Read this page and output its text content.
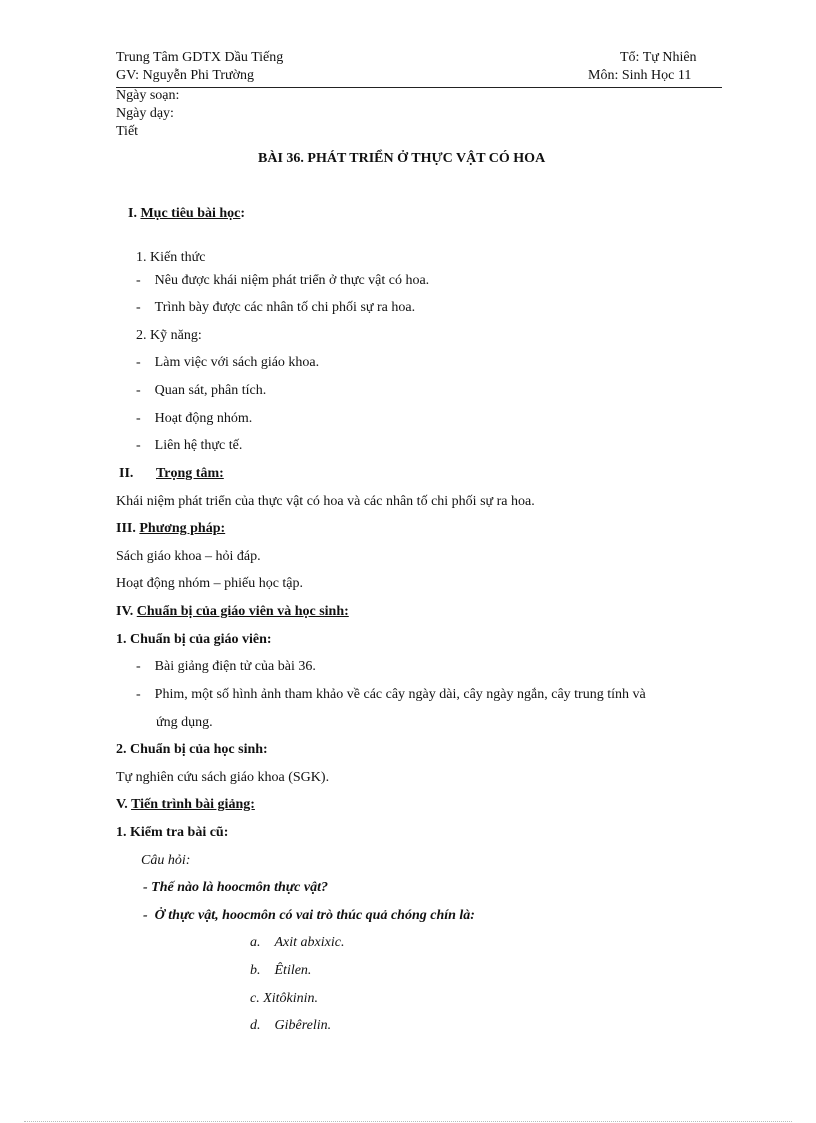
Trung Tâm GDTX Dầu Tiếng	Tổ: Tự Nhiên
GV: Nguyễn Phi Trường	Môn: Sinh Học 11
Ngày soạn:
Ngày dạy:
Tiết
BÀI 36. PHÁT TRIỂN Ở THỰC VẬT CÓ HOA
I. Mục tiêu bài học:
1. Kiến thức
-    Nêu được khái niệm phát triển ở thực vật có hoa.
-    Trình bày được các nhân tố chi phối sự ra hoa.
2. Kỹ năng:
-    Làm việc với sách giáo khoa.
-    Quan sát, phân tích.
-    Hoạt động nhóm.
-    Liên hệ thực tế.
II. Trọng tâm:
Khái niệm phát triển của thực vật có hoa và các nhân tố chi phối sự ra hoa.
III. Phương pháp:
Sách giáo khoa – hỏi đáp.
Hoạt động nhóm – phiếu học tập.
IV. Chuẩn bị của giáo viên và học sinh:
1. Chuẩn bị của giáo viên:
-    Bài giảng điện tử của bài 36.
-    Phim, một số hình ảnh tham khảo về các cây ngày dài, cây ngày ngắn, cây trung tính và
ứng dụng.
2. Chuẩn bị của học sinh:
Tự nghiên cứu sách giáo khoa (SGK).
V. Tiến trình bài giảng:
1. Kiểm tra bài cũ:
Câu hỏi:
- Thế nào là hoocmôn thực vật?
-  Ở thực vật, hoocmôn có vai trò thúc quả chóng chín là:
a. Axit abxixic.
b. Êtilen.
c. Xitôkinin.
d. Gibêrelin.
